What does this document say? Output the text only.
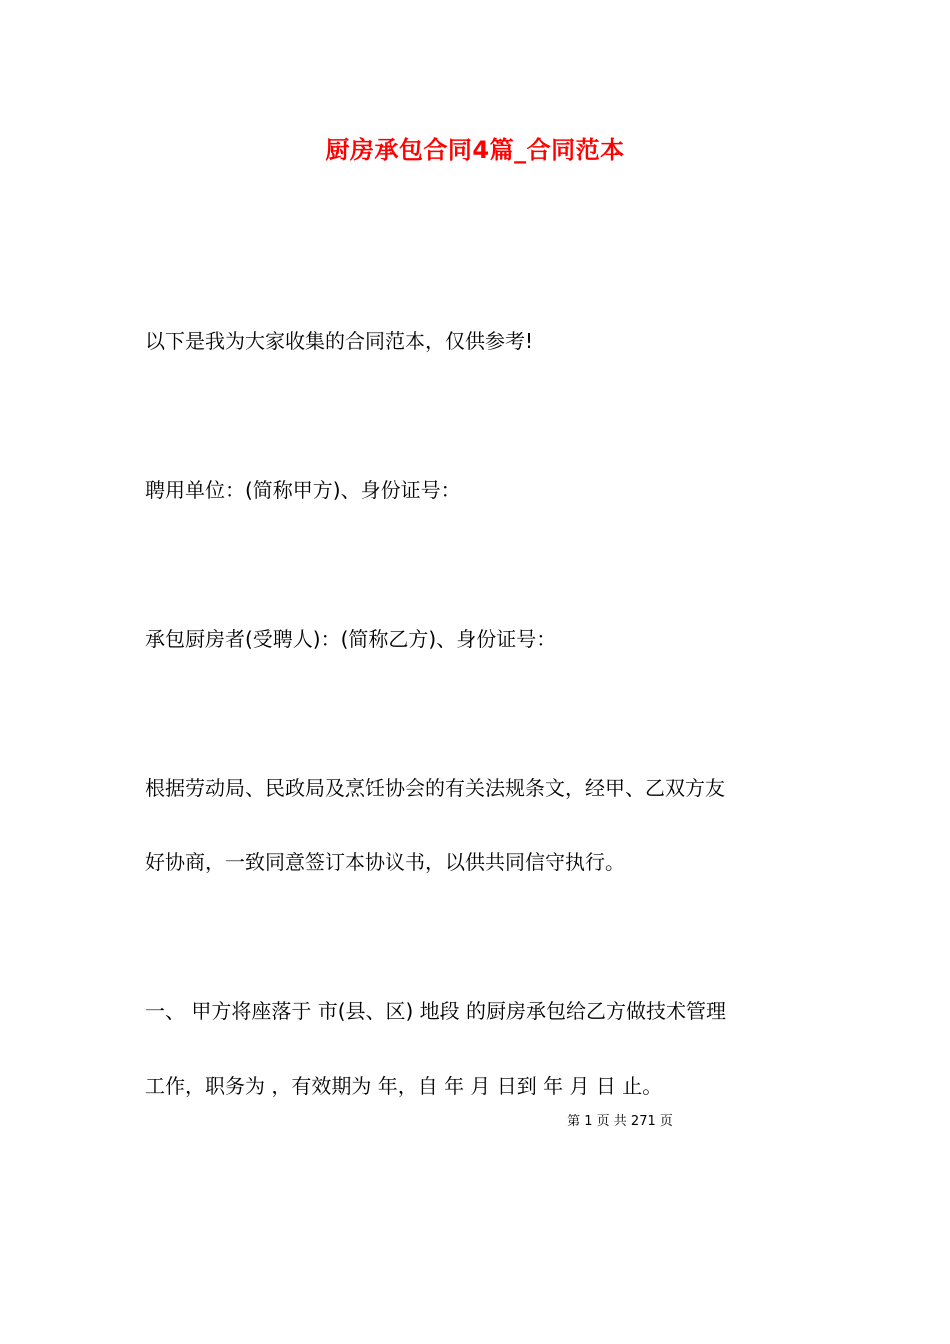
厨房承包合同4篇_合同范本
以下是我为大家收集的合同范本，仅供参考!
聘用单位：(简称甲方)、身份证号：
承包厨房者(受聘人)：(简称乙方)、身份证号：
根据劳动局、民政局及烹饪协会的有关法规条文，经甲、乙双方友
好协商，一致同意签订本协议书，以供共同信守执行。
一、 甲方将座落于 市(县、区) 地段 的厨房承包给乙方做技术管理
工作，职务为 ，有效期为 年，自 年 月 日到 年 月 日 止。
第 1 页 共 271 页
